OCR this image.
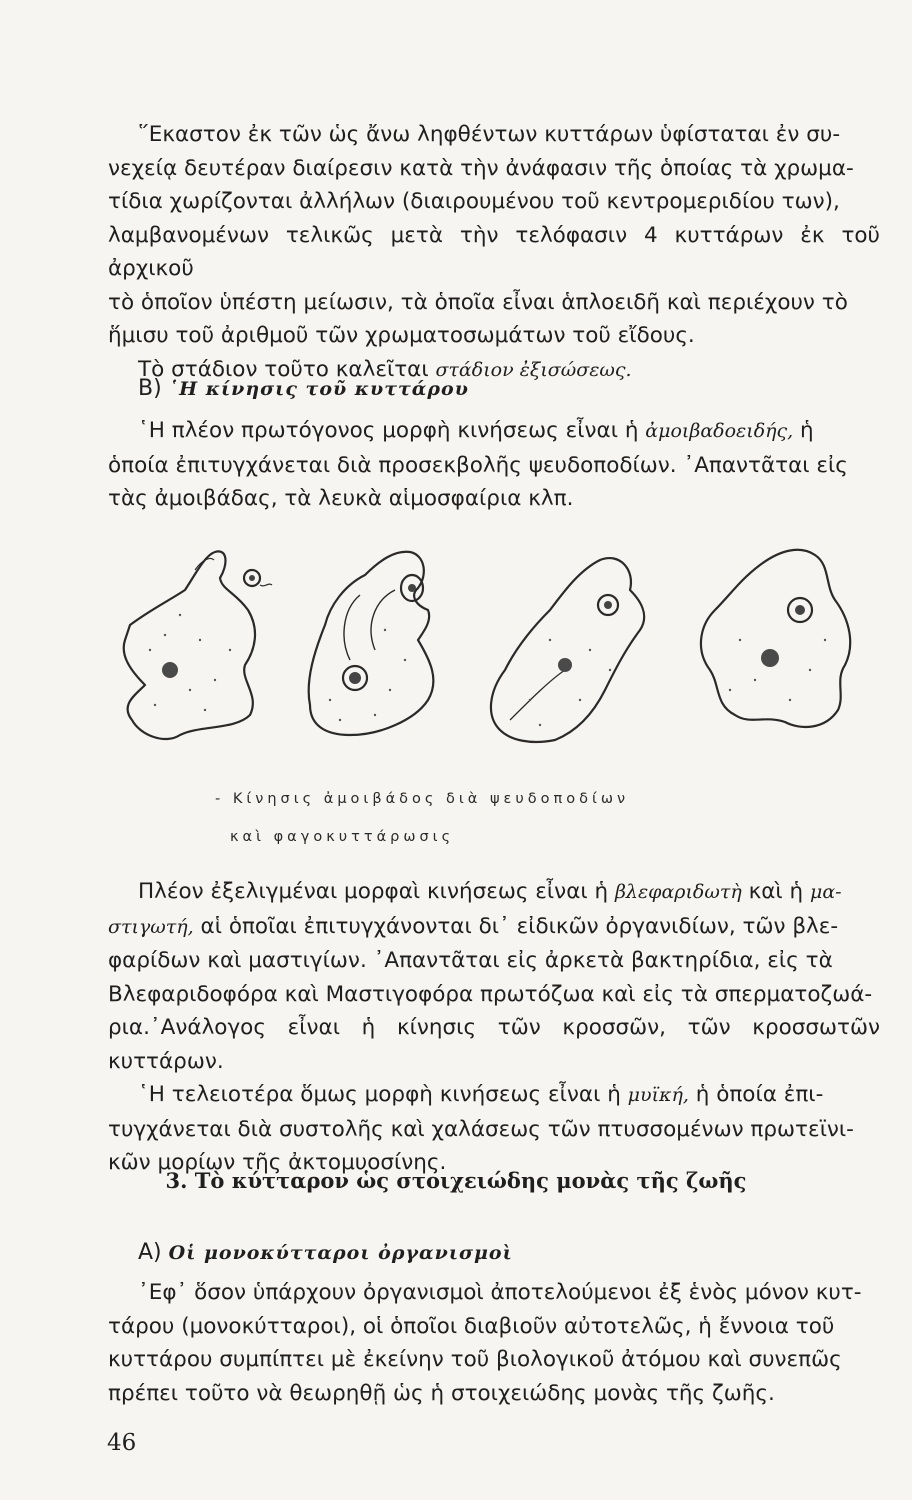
῞Εκαστον ἐκ τῶν ὡς ἄνω ληφθέντων κυττάρων ὑφίσταται ἐν συ-
νεχείᾳ δευτέραν διαίρεσιν κατὰ τὴν ἀνάφασιν τῆς ὁποίας τὰ χρωμα-
τίδια χωρίζονται ἀλλήλων (διαιρουμένου τοῦ κεντρομεριδίου των),
λαμβανομένων τελικῶς μετὰ τὴν τελόφασιν 4 κυττάρων ἐκ τοῦ ἀρχικοῦ
τὸ ὁποῖον ὑπέστη μείωσιν, τὰ ὁποῖα εἶναι ἁπλοειδῆ καὶ περιέχουν τὸ
ἥμισυ τοῦ ἀριθμοῦ τῶν χρωματοσωμάτων τοῦ εἴδους.

Τὸ στάδιον τοῦτο καλεῖται στάδιον ἐξισώσεως.

B) ῾Η κίνησις τοῦ κυττάρου

῾Η πλέον πρωτόγονος μορφὴ κινήσεως εἶναι ἡ ἀμοιβαδοειδής, ἡ
ὁποία ἐπιτυγχάνεται διὰ προσεκβολῆς ψευδοποδίων. ᾿Απαντᾶται εἰς
τὰς ἀμοιβάδας, τὰ λευκὰ αἱμοσφαίρια κλπ.

- Κίνησις ἀμοιβάδος διὰ ψευδοποδίων
καὶ φαγοκυττάρωσις

Πλέον ἐξελιγμέναι μορφαὶ κινήσεως εἶναι ἡ βλεφαριδωτὴ καὶ ἡ μα-
στιγωτή, αἱ ὁποῖαι ἐπιτυγχάνονται δι᾿ εἰδικῶν ὀργανιδίων, τῶν βλε-
φαρίδων καὶ μαστιγίων. ᾿Απαντᾶται εἰς ἀρκετὰ βακτηρίδια, εἰς τὰ
Βλεφαριδοφόρα καὶ Μαστιγοφόρα πρωτόζωα καὶ εἰς τὰ σπερματοζωά-
ρια.᾿Ανάλογος εἶναι ἡ κίνησις τῶν κροσσῶν, τῶν κροσσωτῶν κυττάρων.

῾Η τελειοτέρα ὅμως μορφὴ κινήσεως εἶναι ἡ μυϊκή, ἡ ὁποία ἐπι-
τυγχάνεται διὰ συστολῆς καὶ χαλάσεως τῶν πτυσσομένων πρωτεϊνι-
κῶν μορίων τῆς ἀκτομυοσίνης.

3. Τὸ κύτταρον ὡς στοιχειώδης μονὰς τῆς ζωῆς

A) Οἱ μονοκύτταροι ὀργανισμοὶ

᾿Εφ᾿ ὅσον ὑπάρχουν ὀργανισμοὶ ἀποτελούμενοι ἐξ ἑνὸς μόνον κυτ-
τάρου (μονοκύτταροι), οἱ ὁποῖοι διαβιοῦν αὐτοτελῶς, ἡ ἔννοια τοῦ
κυττάρου συμπίπτει μὲ ἐκείνην τοῦ βιολογικοῦ ἀτόμου καὶ συνεπῶς
πρέπει τοῦτο νὰ θεωρηθῇ ὡς ἡ στοιχειώδης μονὰς τῆς ζωῆς.

46
